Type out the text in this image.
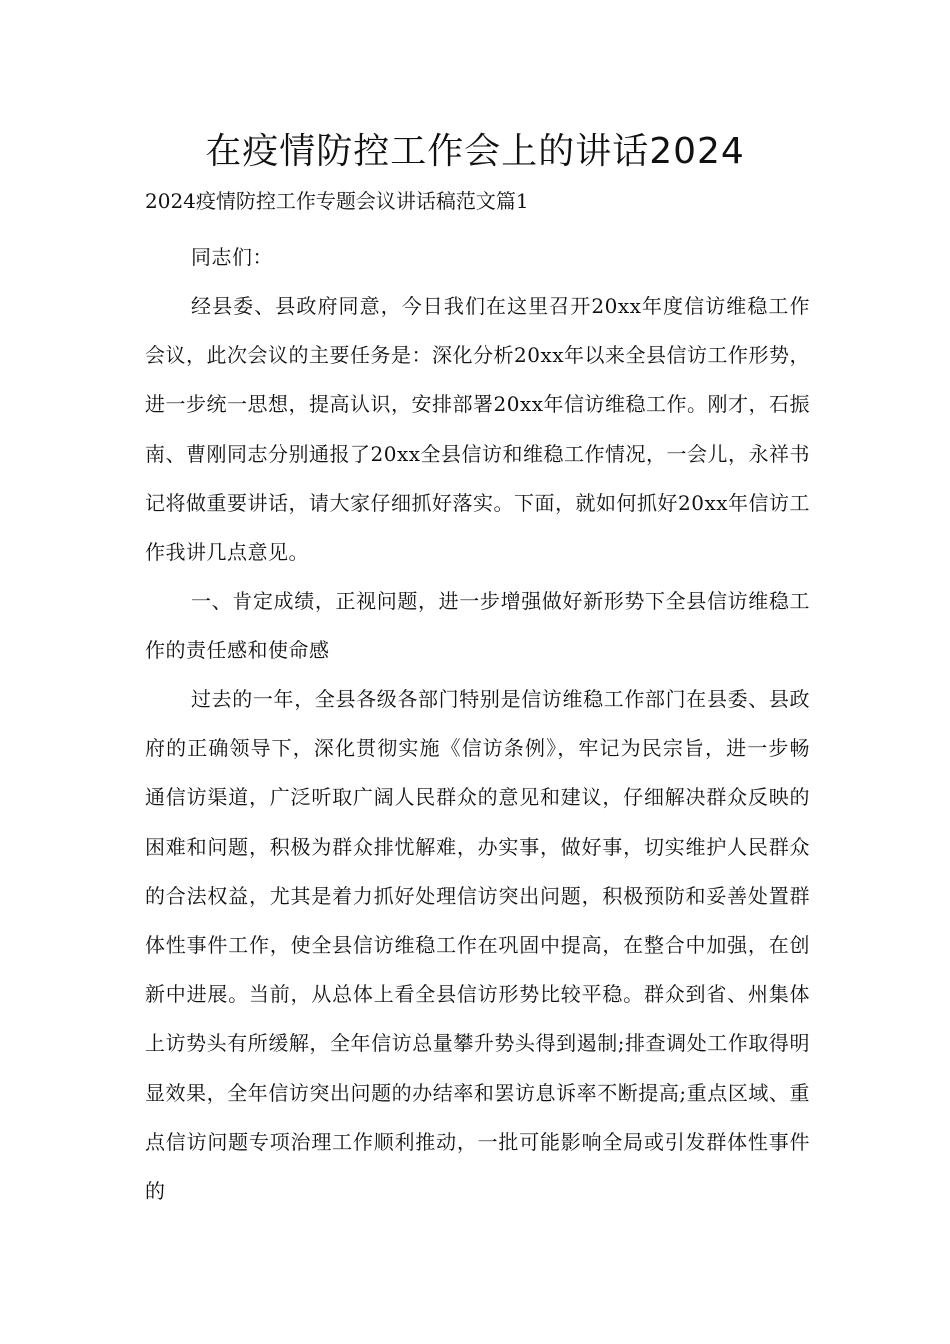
在疫情防控工作会上的讲话2024

2024疫情防控工作专题会议讲话稿范文篇1

同志们：

经县委、县政府同意，今日我们在这里召开20xx年度信访维稳工作会议，此次会议的主要任务是：深化分析20xx年以来全县信访工作形势，进一步统一思想，提高认识，安排部署20xx年信访维稳工作。刚才，石振南、曹刚同志分别通报了20xx全县信访和维稳工作情况，一会儿，永祥书记将做重要讲话，请大家仔细抓好落实。下面，就如何抓好20xx年信访工作我讲几点意见。

一、肯定成绩，正视问题，进一步增强做好新形势下全县信访维稳工作的责任感和使命感

过去的一年，全县各级各部门特别是信访维稳工作部门在县委、县政府的正确领导下，深化贯彻实施《信访条例》，牢记为民宗旨，进一步畅通信访渠道，广泛听取广阔人民群众的意见和建议，仔细解决群众反映的困难和问题，积极为群众排忧解难，办实事，做好事，切实维护人民群众的合法权益，尤其是着力抓好处理信访突出问题，积极预防和妥善处置群体性事件工作，使全县信访维稳工作在巩固中提高，在整合中加强，在创新中进展。当前，从总体上看全县信访形势比较平稳。群众到省、州集体上访势头有所缓解，全年信访总量攀升势头得到遏制;排查调处工作取得明显效果，全年信访突出问题的办结率和罢访息诉率不断提高;重点区域、重点信访问题专项治理工作顺利推动，一批可能影响全局或引发群体性事件的
